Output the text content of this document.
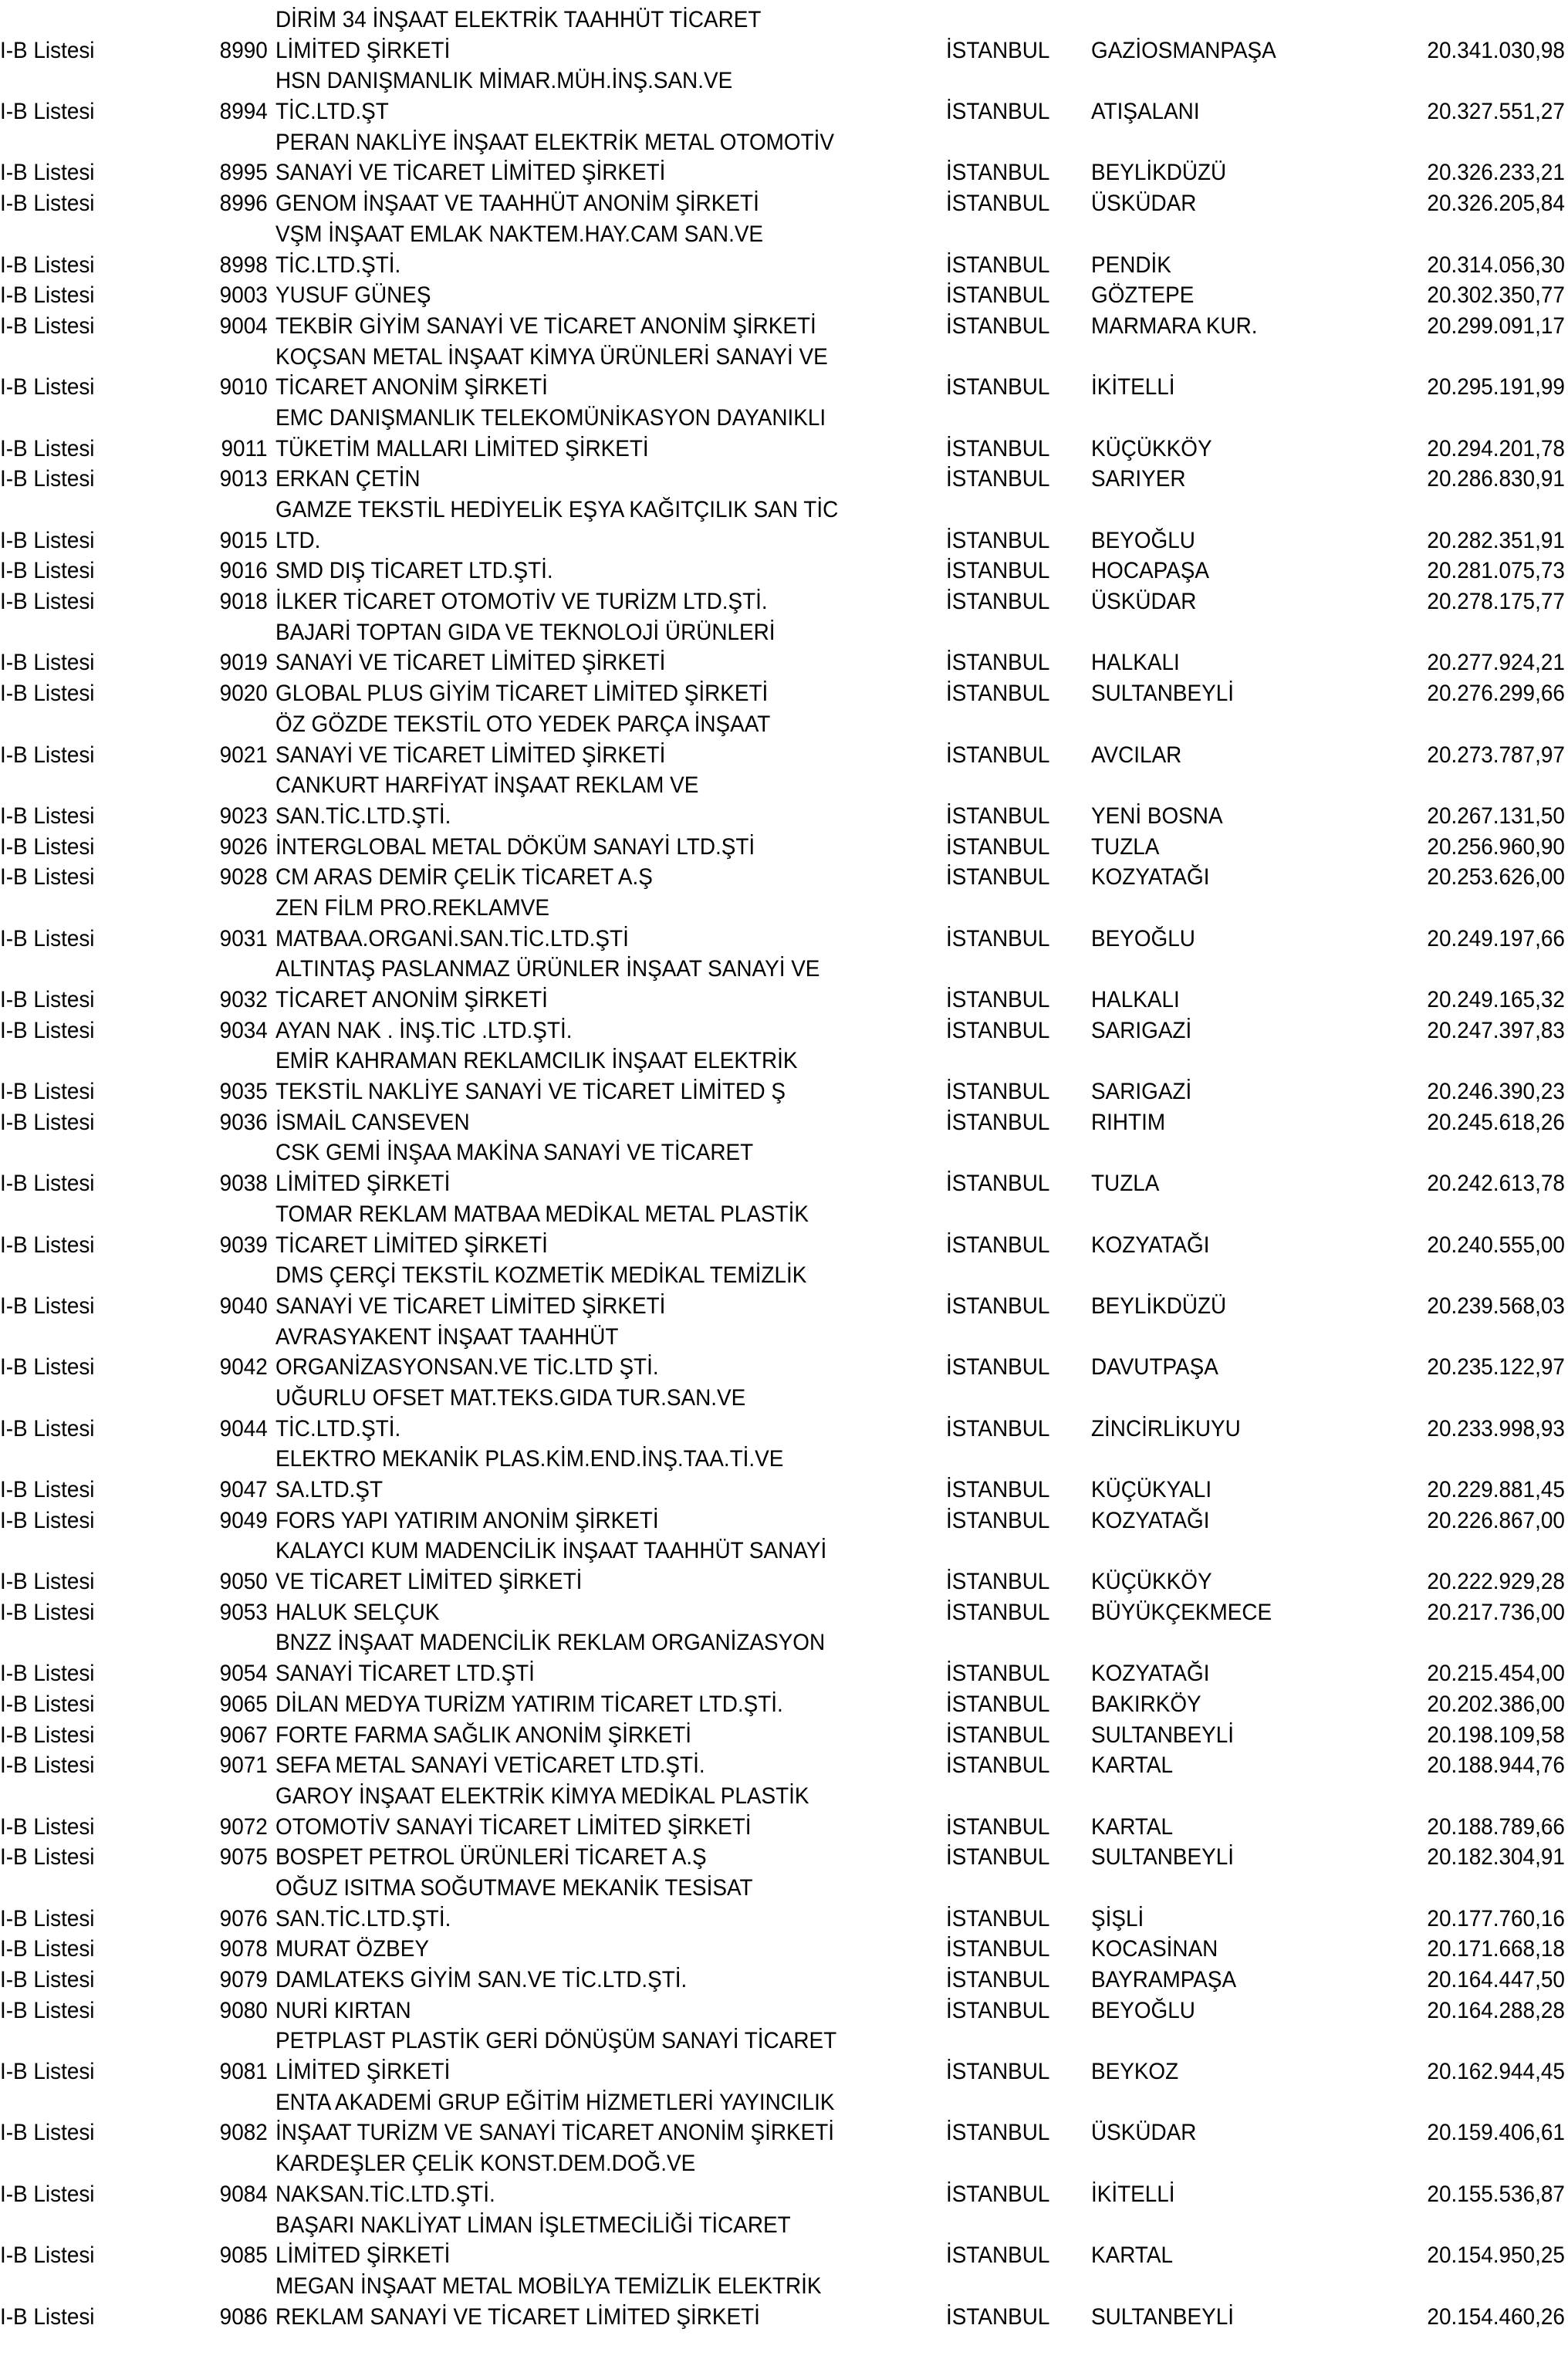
DİRİM 34 İNŞAAT ELEKTRİK TAAHHÜT TİCARET
I-B Listesi	8990 LİMİTED ŞİRKETİ	İSTANBUL	GAZİOSMANPAŞA	20.341.030,98
HSN DANIŞMANLIK MİMAR.MÜH.İNŞ.SAN.VE
I-B Listesi	8994 TİC.LTD.ŞT	İSTANBUL	ATIŞALANI	20.327.551,27
PERAN NAKLİYE İNŞAAT ELEKTRİK METAL OTOMOTİV
I-B Listesi	8995 SANAYİ VE TİCARET LİMİTED ŞİRKETİ	İSTANBUL	BEYLİKDÜZÜ	20.326.233,21
I-B Listesi	8996 GENOM İNŞAAT VE TAAHHÜT ANONİM ŞİRKETİ	İSTANBUL	ÜSKÜDAR	20.326.205,84
VŞM İNŞAAT EMLAK NAKTEM.HAY.CAM SAN.VE
I-B Listesi	8998 TİC.LTD.ŞTİ.	İSTANBUL	PENDİK	20.314.056,30
I-B Listesi	9003 YUSUF GÜNEŞ	İSTANBUL	GÖZTEPE	20.302.350,77
I-B Listesi	9004 TEKBİR GİYİM SANAYİ VE TİCARET ANONİM ŞİRKETİ	İSTANBUL	MARMARA KUR.	20.299.091,17
KOÇSAN METAL İNŞAAT KİMYA ÜRÜNLERİ SANAYİ VE
I-B Listesi	9010 TİCARET ANONİM ŞİRKETİ	İSTANBUL	İKİTELLİ	20.295.191,99
EMC DANIŞMANLIK TELEKOMÜNİKASYON DAYANIKLI
I-B Listesi	9011 TÜKETİM MALLARI LİMİTED ŞİRKETİ	İSTANBUL	KÜÇÜKKÖY	20.294.201,78
I-B Listesi	9013 ERKAN ÇETİN	İSTANBUL	SARIYER	20.286.830,91
GAMZE TEKSTİL HEDİYELİK EŞYA KAĞITÇILIK SAN TİC
I-B Listesi	9015 LTD.	İSTANBUL	BEYOĞLU	20.282.351,91
I-B Listesi	9016 SMD DIŞ TİCARET LTD.ŞTİ.	İSTANBUL	HOCAPAŞA	20.281.075,73
I-B Listesi	9018 İLKER TİCARET OTOMOTİV VE TURİZM LTD.ŞTİ.	İSTANBUL	ÜSKÜDAR	20.278.175,77
BAJARİ TOPTAN GIDA VE TEKNOLOJİ ÜRÜNLERİ
I-B Listesi	9019 SANAYİ VE TİCARET LİMİTED ŞİRKETİ	İSTANBUL	HALKALI	20.277.924,21
I-B Listesi	9020 GLOBAL PLUS GİYİM TİCARET LİMİTED ŞİRKETİ	İSTANBUL	SULTANBEYLİ	20.276.299,66
ÖZ GÖZDE TEKSTİL OTO YEDEK PARÇA İNŞAAT
I-B Listesi	9021 SANAYİ VE TİCARET LİMİTED ŞİRKETİ	İSTANBUL	AVCILAR	20.273.787,97
CANKURT HARFİYAT İNŞAAT REKLAM VE
I-B Listesi	9023 SAN.TİC.LTD.ŞTİ.	İSTANBUL	YENİ BOSNA	20.267.131,50
I-B Listesi	9026 İNTERGLOBAL METAL DÖKÜM SANAYİ LTD.ŞTİ	İSTANBUL	TUZLA	20.256.960,90
I-B Listesi	9028 CM ARAS DEMİR ÇELİK TİCARET A.Ş	İSTANBUL	KOZYATAĞI	20.253.626,00
ZEN FİLM PRO.REKLAMVE
I-B Listesi	9031 MATBAA.ORGANİ.SAN.TİC.LTD.ŞTİ	İSTANBUL	BEYOĞLU	20.249.197,66
ALTINTAŞ PASLANMAZ ÜRÜNLER İNŞAAT SANAYİ VE
I-B Listesi	9032 TİCARET ANONİM ŞİRKETİ	İSTANBUL	HALKALI	20.249.165,32
I-B Listesi	9034 AYAN NAK . İNŞ.TİC .LTD.ŞTİ.	İSTANBUL	SARIGAZİ	20.247.397,83
EMİR KAHRAMAN REKLAMCILIK İNŞAAT ELEKTRİK
I-B Listesi	9035 TEKSTİL NAKLİYE SANAYİ VE TİCARET LİMİTED Ş	İSTANBUL	SARIGAZİ	20.246.390,23
I-B Listesi	9036 İSMAİL CANSEVEN	İSTANBUL	RIHTIM	20.245.618,26
CSK GEMİ İNŞAA MAKİNA SANAYİ VE TİCARET
I-B Listesi	9038 LİMİTED ŞİRKETİ	İSTANBUL	TUZLA	20.242.613,78
TOMAR REKLAM MATBAA MEDİKAL METAL PLASTİK
I-B Listesi	9039 TİCARET LİMİTED ŞİRKETİ	İSTANBUL	KOZYATAĞI	20.240.555,00
DMS ÇERÇİ TEKSTİL KOZMETİK MEDİKAL TEMİZLİK
I-B Listesi	9040 SANAYİ VE TİCARET LİMİTED ŞİRKETİ	İSTANBUL	BEYLİKDÜZÜ	20.239.568,03
AVRASYAKENT İNŞAAT TAAHHÜT
I-B Listesi	9042 ORGANİZASYONSAN.VE TİC.LTD ŞTİ.	İSTANBUL	DAVUTPAŞA	20.235.122,97
UĞURLU OFSET MAT.TEKS.GIDA TUR.SAN.VE
I-B Listesi	9044 TİC.LTD.ŞTİ.	İSTANBUL	ZİNCİRLİKUYU	20.233.998,93
ELEKTRO MEKANİK PLAS.KİM.END.İNŞ.TAA.Tİ.VE
I-B Listesi	9047 SA.LTD.ŞT	İSTANBUL	KÜÇÜKYALI	20.229.881,45
I-B Listesi	9049 FORS YAPI YATIRIM ANONİM ŞİRKETİ	İSTANBUL	KOZYATAĞI	20.226.867,00
KALAYCI KUM MADENCİLİK İNŞAAT TAAHHÜT SANAYİ
I-B Listesi	9050 VE TİCARET LİMİTED ŞİRKETİ	İSTANBUL	KÜÇÜKKÖY	20.222.929,28
I-B Listesi	9053 HALUK SELÇUK	İSTANBUL	BÜYÜKÇEKMECE	20.217.736,00
BNZZ İNŞAAT MADENCİLİK REKLAM ORGANİZASYON
I-B Listesi	9054 SANAYİ TİCARET LTD.ŞTİ	İSTANBUL	KOZYATAĞI	20.215.454,00
I-B Listesi	9065 DİLAN MEDYA TURİZM YATIRIM TİCARET LTD.ŞTİ.	İSTANBUL	BAKIRKÖY	20.202.386,00
I-B Listesi	9067 FORTE FARMA SAĞLIK ANONİM ŞİRKETİ	İSTANBUL	SULTANBEYLİ	20.198.109,58
I-B Listesi	9071 SEFA METAL SANAYİ VETİCARET LTD.ŞTİ.	İSTANBUL	KARTAL	20.188.944,76
GAROY İNŞAAT ELEKTRİK KİMYA MEDİKAL PLASTİK
I-B Listesi	9072 OTOMOTİV SANAYİ TİCARET LİMİTED ŞİRKETİ	İSTANBUL	KARTAL	20.188.789,66
I-B Listesi	9075 BOSPET PETROL ÜRÜNLERİ TİCARET A.Ş	İSTANBUL	SULTANBEYLİ	20.182.304,91
OĞUZ ISITMA SOĞUTMAVE MEKANİK TESİSAT
I-B Listesi	9076 SAN.TİC.LTD.ŞTİ.	İSTANBUL	ŞİŞLİ	20.177.760,16
I-B Listesi	9078 MURAT ÖZBEY	İSTANBUL	KOCASİNAN	20.171.668,18
I-B Listesi	9079 DAMLATEKS GİYİM SAN.VE TİC.LTD.ŞTİ.	İSTANBUL	BAYRAMPAŞA	20.164.447,50
I-B Listesi	9080 NURİ KIRTAN	İSTANBUL	BEYOĞLU	20.164.288,28
PETPLAST PLASTİK GERİ DÖNÜŞÜM SANAYİ TİCARET
I-B Listesi	9081 LİMİTED ŞİRKETİ	İSTANBUL	BEYKOZ	20.162.944,45
ENTA AKADEMİ GRUP EĞİTİM HİZMETLERİ YAYINCILIK
I-B Listesi	9082 İNŞAAT TURİZM VE SANAYİ TİCARET ANONİM ŞİRKETİ	İSTANBUL	ÜSKÜDAR	20.159.406,61
KARDEŞLER ÇELİK KONST.DEM.DOĞ.VE
I-B Listesi	9084 NAKSAN.TİC.LTD.ŞTİ.	İSTANBUL	İKİTELLİ	20.155.536,87
BAŞARI NAKLİYAT LİMAN İŞLETMECİLİĞİ TİCARET
I-B Listesi	9085 LİMİTED ŞİRKETİ	İSTANBUL	KARTAL	20.154.950,25
MEGAN İNŞAAT METAL MOBİLYA TEMİZLİK ELEKTRİK
I-B Listesi	9086 REKLAM SANAYİ VE TİCARET LİMİTED ŞİRKETİ	İSTANBUL	SULTANBEYLİ	20.154.460,26
